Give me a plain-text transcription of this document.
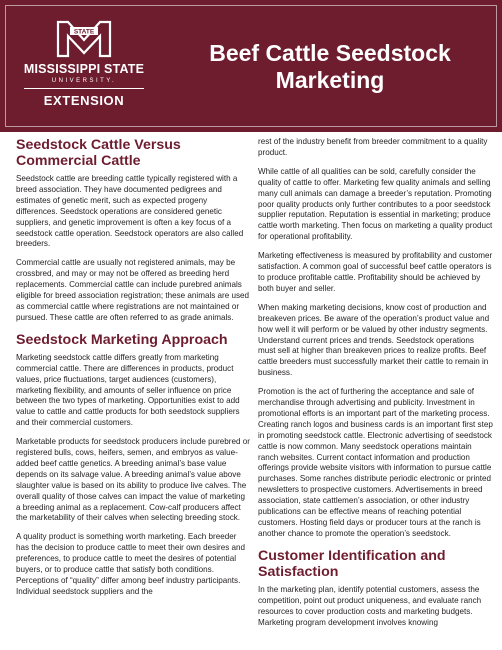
STATE
MISSISSIPPI STATE
UNIVERSITY.
EXTENSION
Beef Cattle Seedstock Marketing
Seedstock Cattle Versus Commercial Cattle

Seedstock cattle are breeding cattle typically registered with a breed association. They have documented pedigrees and estimates of genetic merit, such as expected progeny differences. Seedstock operations are considered genetic suppliers, and genetic improvement is often a key focus of a seedstock cattle operation. Seedstock operators are also called breeders.

Commercial cattle are usually not registered animals, may be crossbred, and may or may not be offered as breeding herd replacements. Commercial cattle can include purebred animals eligible for breed association registration; these animals are used as commercial cattle where registrations are not maintained or pursued. These cattle are often referred to as grade animals.

Seedstock Marketing Approach

Marketing seedstock cattle differs greatly from marketing commercial cattle. There are differences in products, product values, price fluctuations, target audiences (customers), marketing flexibility, and amounts of seller influence on price between the two types of marketing. Opportunities exist to add value to cattle and cattle products for both seedstock suppliers and their commercial customers.

Marketable products for seedstock producers include purebred or registered bulls, cows, heifers, semen, and embryos as value-added beef cattle genetics. A breeding animal’s base value depends on its salvage value. A breeding animal’s value above slaughter value is based on its ability to produce live calves. The overall quality of those calves can impact the value of marketing a breeding animal as a replacement. Cow-calf producers affect the marketability of their calves when selecting breeding stock.

A quality product is something worth marketing. Each breeder has the decision to produce cattle to meet their own desires and preferences, to produce cattle to meet the desires of potential buyers, or to produce cattle that satisfy both conditions. Perceptions of “quality” differ among beef industry participants. Individual seedstock suppliers and the

rest of the industry benefit from breeder commitment to a quality product.

While cattle of all qualities can be sold, carefully consider the quality of cattle to offer. Marketing few quality animals and selling many cull animals can damage a breeder’s reputation. Promoting poor quality products only further contributes to a poor seedstock supplier reputation. Reputation is essential in marketing; produce cattle worth marketing. Then focus on marketing a quality product for operational profitability.

Marketing effectiveness is measured by profitability and customer satisfaction. A common goal of successful beef cattle operators is to produce profitable cattle. Profitability should be achieved by both buyer and seller.

When making marketing decisions, know cost of production and breakeven prices. Be aware of the operation’s product value and how well it will perform or be valued by other industry segments. Understand current prices and trends. Seedstock operations must sell at higher than breakeven prices to realize profits. Beef cattle breeders must successfully market their cattle to remain in business.

Promotion is the act of furthering the acceptance and sale of merchandise through advertising and publicity. Investment in promotional efforts is an important part of the marketing process. Creating ranch logos and business cards is an important first step in promoting seedstock cattle. Electronic advertising of seedstock cattle is now common. Many seedstock operations maintain ranch websites. Current contact information and production offerings provide website visitors with information to pursue cattle purchases. Some ranches distribute periodic electronic or printed newsletters to prospective customers. Advertisements in breed association, state cattlemen’s association, or other industry publications can be effective means of reaching potential customers. Hosting field days or producer tours at the ranch is another chance to promote the operation’s seedstock.

Customer Identification and Satisfaction

In the marketing plan, identify potential customers, assess the competition, point out product uniqueness, and evaluate ranch resources to cover production costs and marketing budgets. Marketing program development involves knowing
